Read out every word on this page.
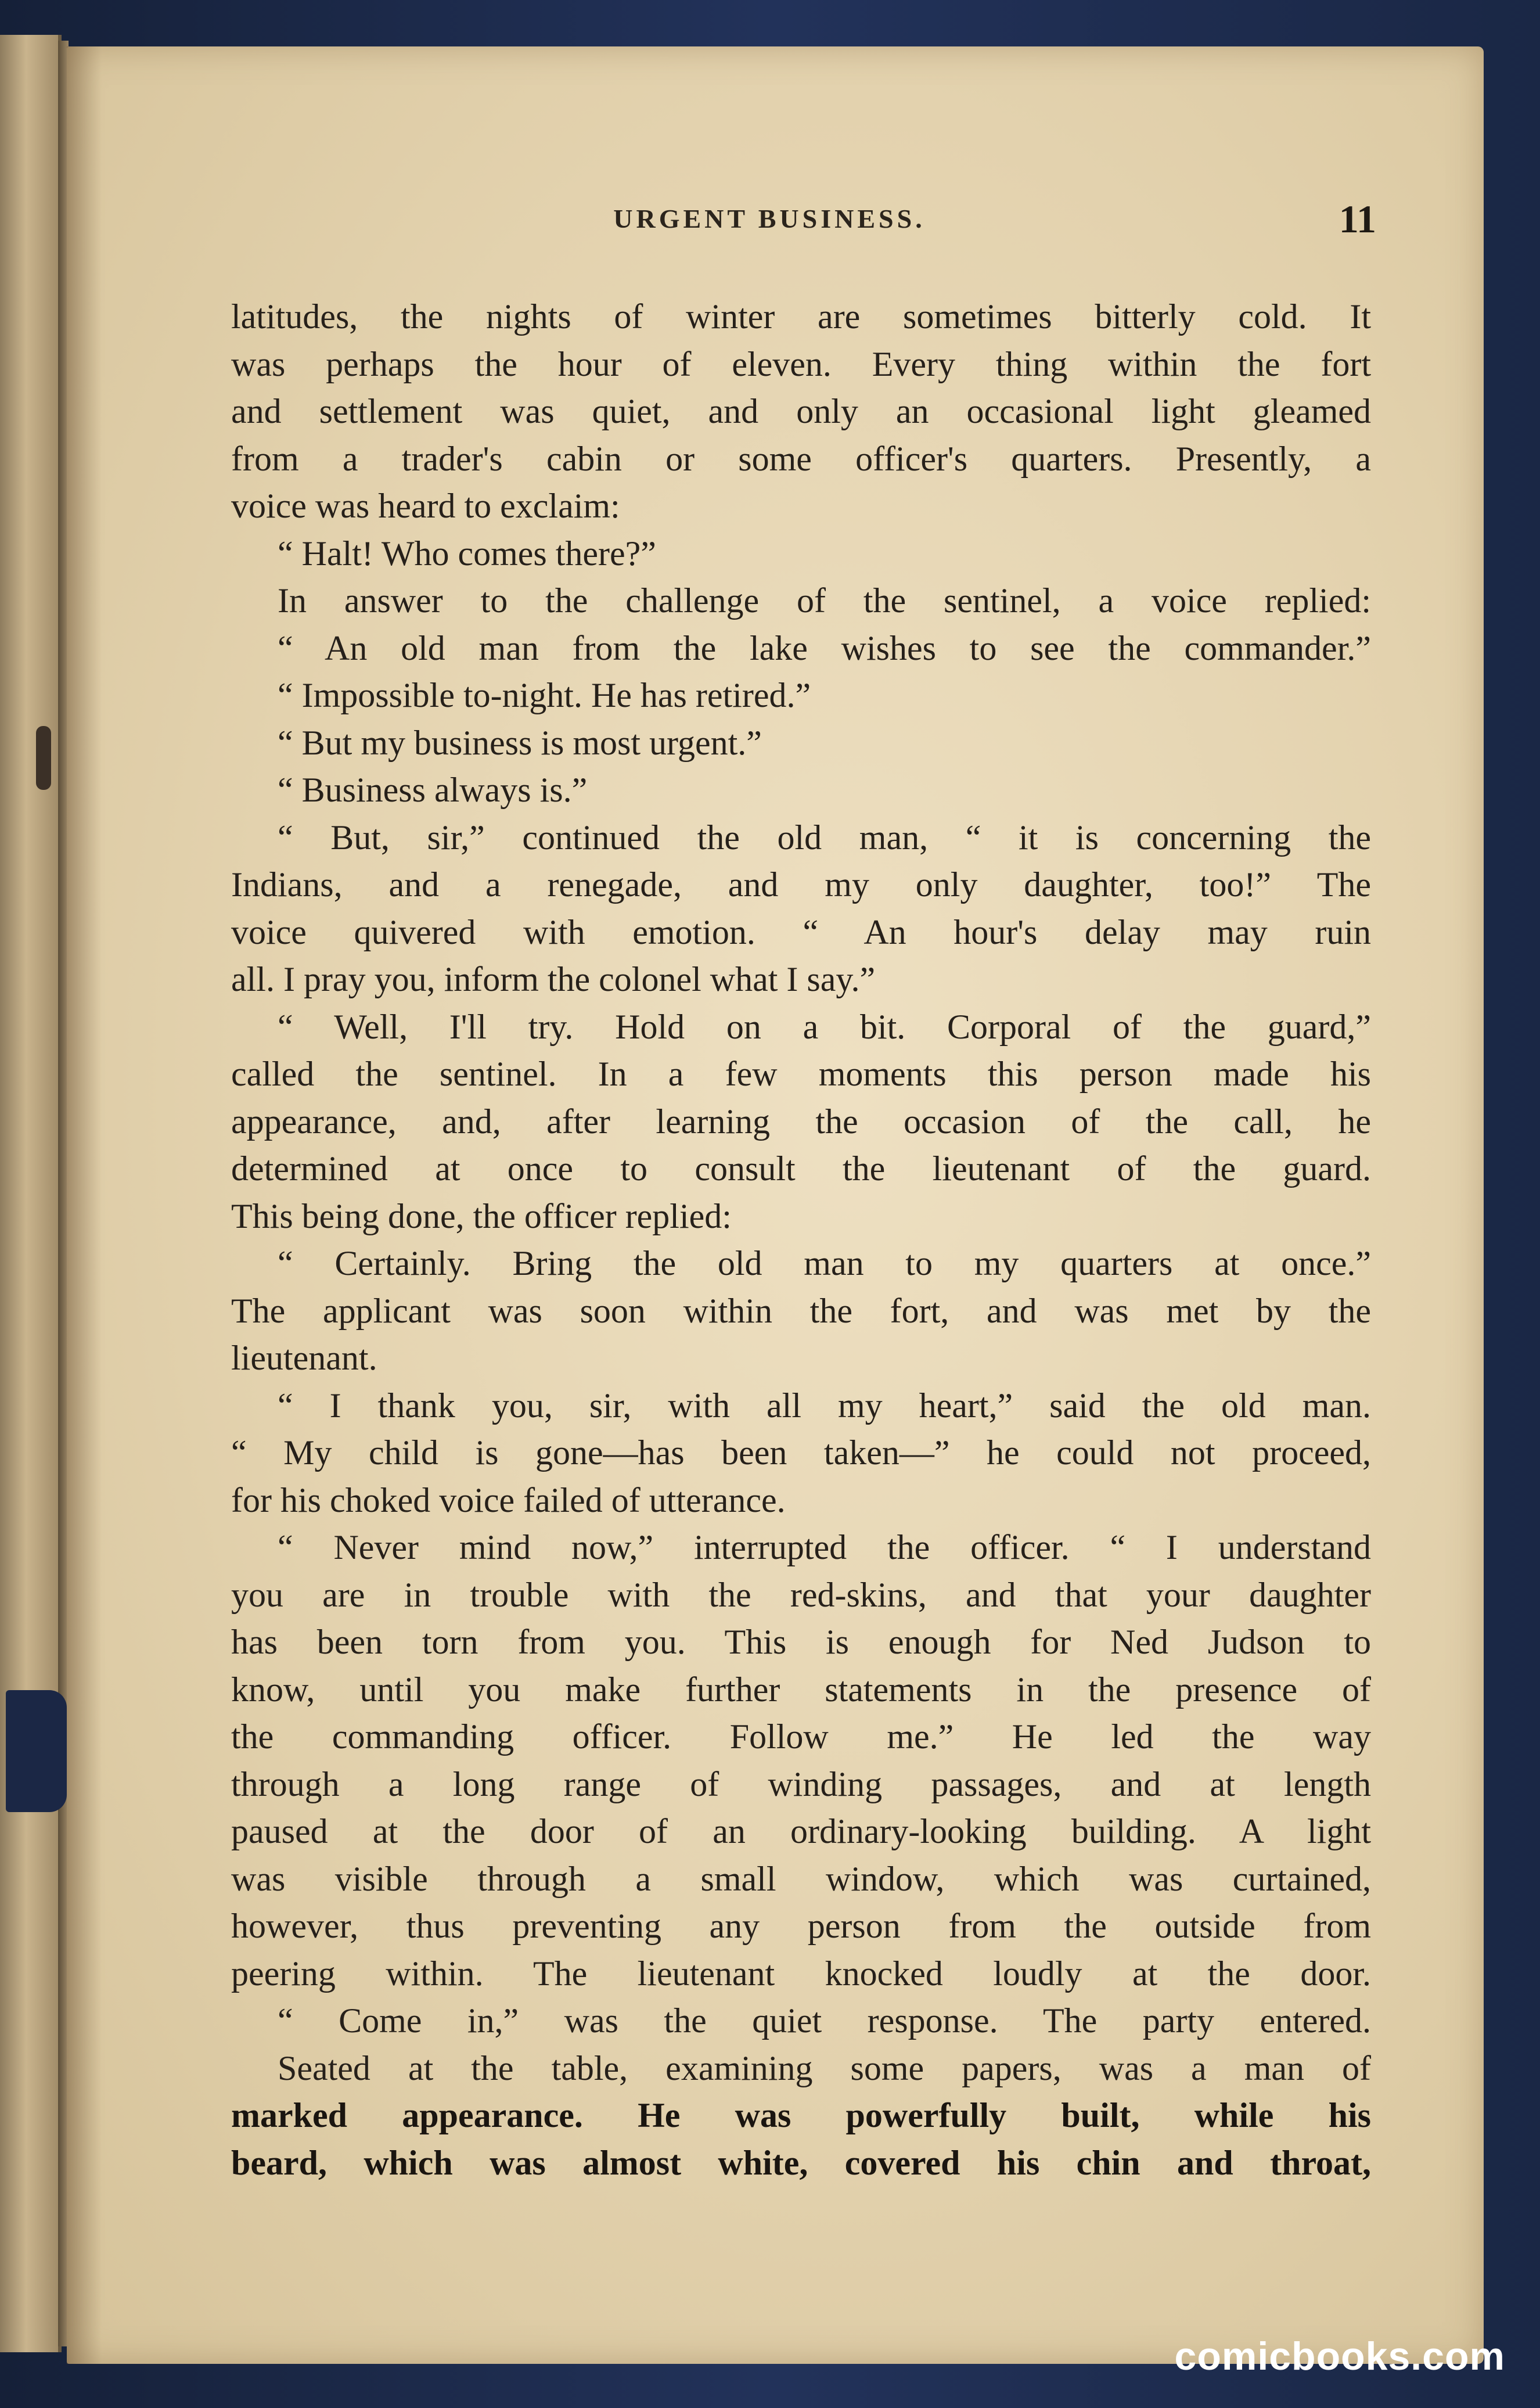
URGENT BUSINESS.	11
latitudes, the nights of winter are sometimes bitterly cold. It
was perhaps the hour of eleven. Every thing within the fort
and settlement was quiet, and only an occasional light gleamed
from a trader's cabin or some officer's quarters. Presently, a
voice was heard to exclaim:
“ Halt! Who comes there?”
In answer to the challenge of the sentinel, a voice replied:
“ An old man from the lake wishes to see the commander.”
“ Impossible to-night. He has retired.”
“ But my business is most urgent.”
“ Business always is.”
“ But, sir,” continued the old man, “ it is concerning the
Indians, and a renegade, and my only daughter, too!” The
voice quivered with emotion. “ An hour's delay may ruin
all. I pray you, inform the colonel what I say.”
“ Well, I'll try. Hold on a bit. Corporal of the guard,”
called the sentinel. In a few moments this person made his
appearance, and, after learning the occasion of the call, he
determined at once to consult the lieutenant of the guard.
This being done, the officer replied:
“ Certainly. Bring the old man to my quarters at once.”
The applicant was soon within the fort, and was met by the
lieutenant.
“ I thank you, sir, with all my heart,” said the old man.
“ My child is gone—has been taken—” he could not proceed,
for his choked voice failed of utterance.
“ Never mind now,” interrupted the officer. “ I understand
you are in trouble with the red-skins, and that your daughter
has been torn from you. This is enough for Ned Judson to
know, until you make further statements in the presence of
the commanding officer. Follow me.” He led the way
through a long range of winding passages, and at length
paused at the door of an ordinary-looking building. A light
was visible through a small window, which was curtained,
however, thus preventing any person from the outside from
peering within. The lieutenant knocked loudly at the door.
“ Come in,” was the quiet response. The party entered.
Seated at the table, examining some papers, was a man of
marked appearance. He was powerfully built, while his
beard, which was almost white, covered his chin and throat,
comicbooks.com
